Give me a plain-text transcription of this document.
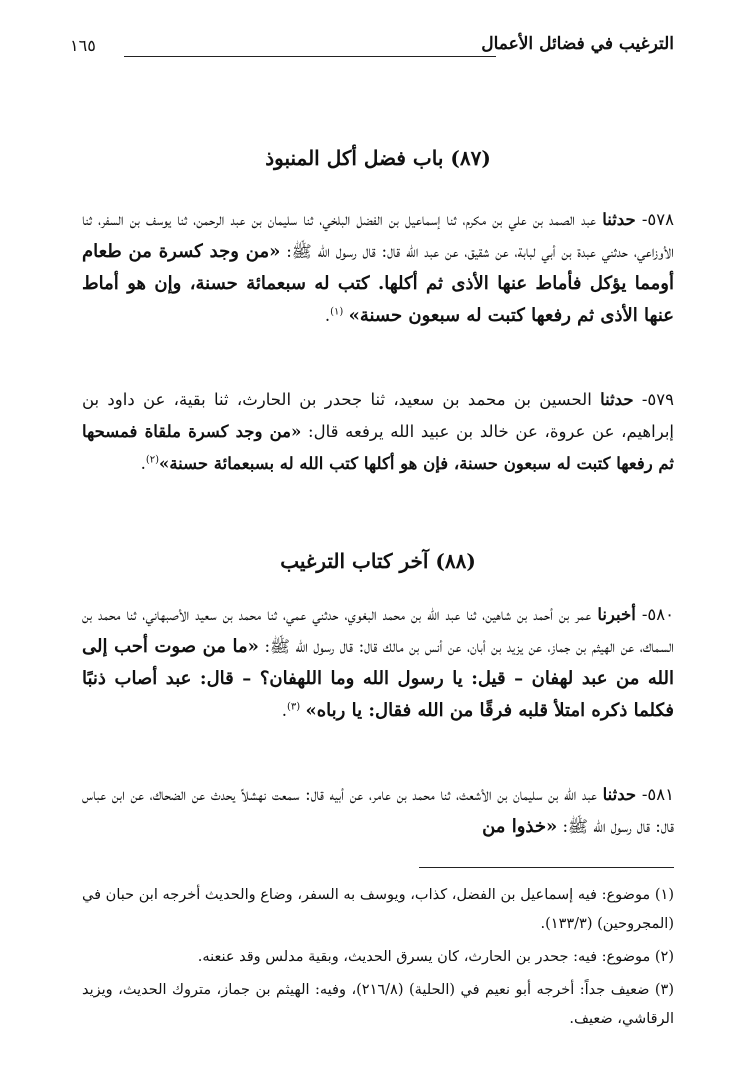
الترغيب في فضائل الأعمال
١٦٥
(٨٧) باب فضل أكل المنبوذ
٥٧٨- حدثنا عبد الصمد بن علي بن مكرم، ثنا إسماعيل بن الفضل البلخي، ثنا سليمان بن عبد الرحمن، ثنا يوسف بن السفر، ثنا الأوزاعي، حدثني عبدة بن أبي لبابة، عن شقيق، عن عبد الله قال: قال رسول الله ﷺ: «من وجد كسرة من طعام أومما يؤكل فأماط عنها الأذى ثم أكلها. كتب له سبعمائة حسنة، وإن هو أماط عنها الأذى ثم رفعها كتبت له سبعون حسنة» $^{(١)}$.
٥٧٩- حدثنا الحسين بن محمد بن سعيد، ثنا جحدر بن الحارث، ثنا بقية، عن داود بن إبراهيم، عن عروة، عن خالد بن عبيد الله يرفعه قال: «من وجد كسرة ملقاة فمسحها ثم رفعها كتبت له سبعون حسنة، فإن هو أكلها كتب الله له بسبعمائة حسنة»$^{(٢)}$.
(٨٨) آخر كتاب الترغيب
٥٨٠- أخبرنا عمر بن أحمد بن شاهين، ثنا عبد الله بن محمد البغوي، حدثني عمي، ثنا محمد بن سعيد الأصبهاني، ثنا محمد بن السماك، عن الهيثم بن جماز، عن يزيد بن أبان، عن أنس بن مالك قال: قال رسول الله ﷺ: «ما من صوت أحب إلى الله من عبد لهفان – قيل: يا رسول الله وما اللهفان؟ – قال: عبد أصاب ذنبًا فكلما ذكره امتلأ قلبه فرقًا من الله فقال: يا رباه» $^{(٣)}$.
٥٨١- حدثنا عبد الله بن سليمان بن الأشعث، ثنا محمد بن عامر، عن أبيه قال: سمعت نهشلاً يحدث عن الضحاك، عن ابن عباس قال: قال رسول الله ﷺ: «خذوا من

(١) موضوع: فيه إسماعيل بن الفضل، كذاب، ويوسف به السفر، وضاع والحديث أخرجه ابن حبان في (المجروحين) (١٣٣/٣).

(٢) موضوع: فيه: جحدر بن الحارث، كان يسرق الحديث، وبقية مدلس وقد عنعنه.

(٣) ضعيف جداً: أخرجه أبو نعيم في (الحلية) (٢١٦/٨)، وفيه: الهيثم بن جماز، متروك الحديث، ويزيد الرقاشي، ضعيف.
